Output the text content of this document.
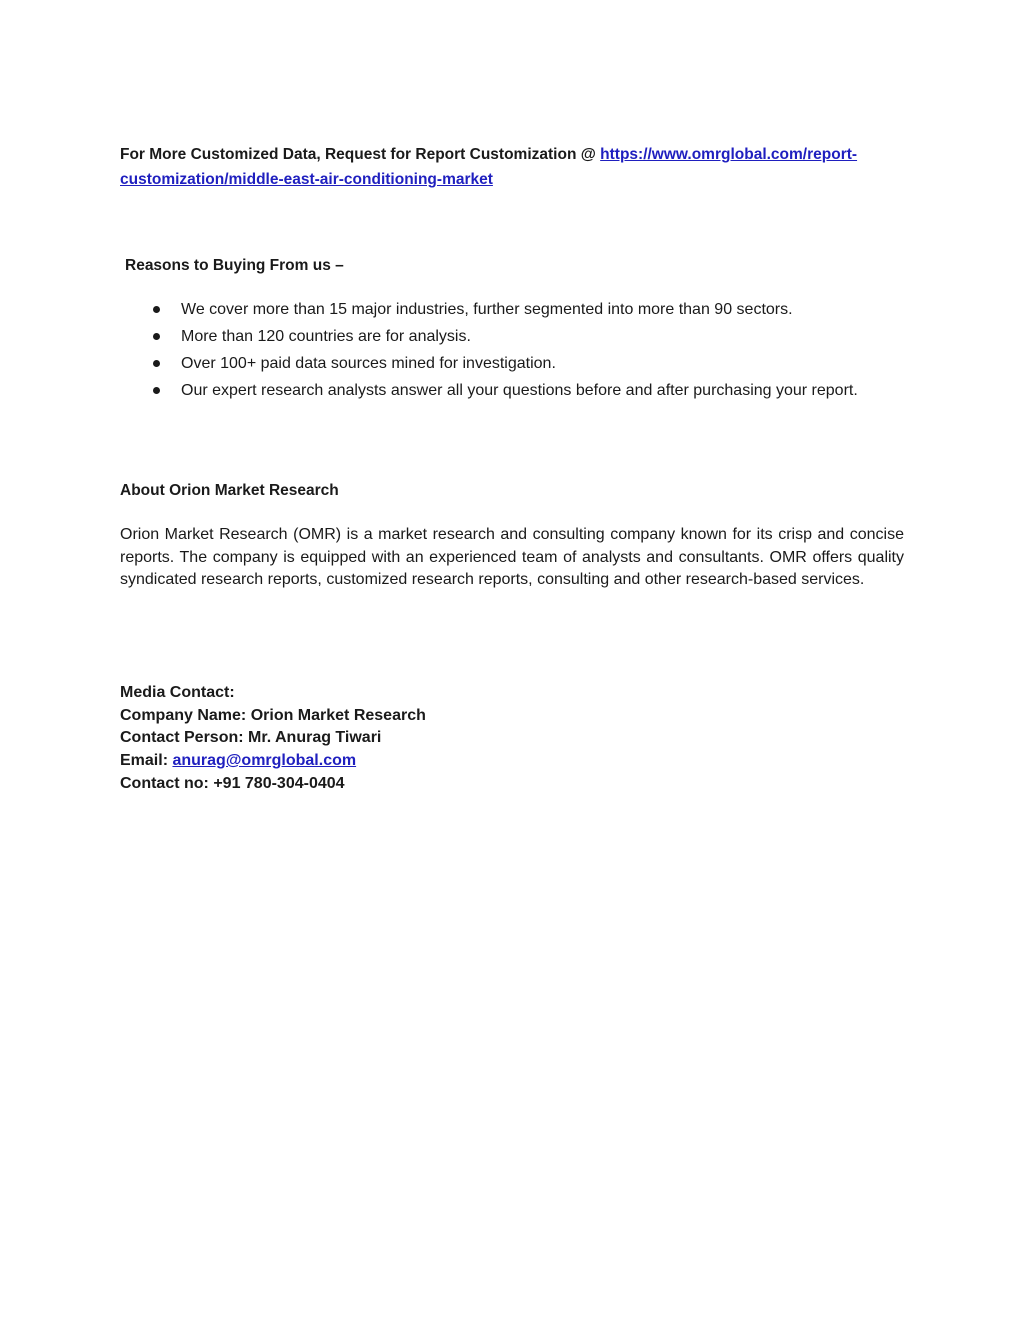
For More Customized Data, Request for Report Customization @ https://www.omrglobal.com/report-customization/middle-east-air-conditioning-market
Reasons to Buying From us –
We cover more than 15 major industries, further segmented into more than 90 sectors.
More than 120 countries are for analysis.
Over 100+ paid data sources mined for investigation.
Our expert research analysts answer all your questions before and after purchasing your report.
About Orion Market Research
Orion Market Research (OMR) is a market research and consulting company known for its crisp and concise reports. The company is equipped with an experienced team of analysts and consultants. OMR offers quality syndicated research reports, customized research reports, consulting and other research-based services.
Media Contact:
Company Name: Orion Market Research
Contact Person: Mr. Anurag Tiwari
Email: anurag@omrglobal.com
Contact no: +91 780-304-0404
